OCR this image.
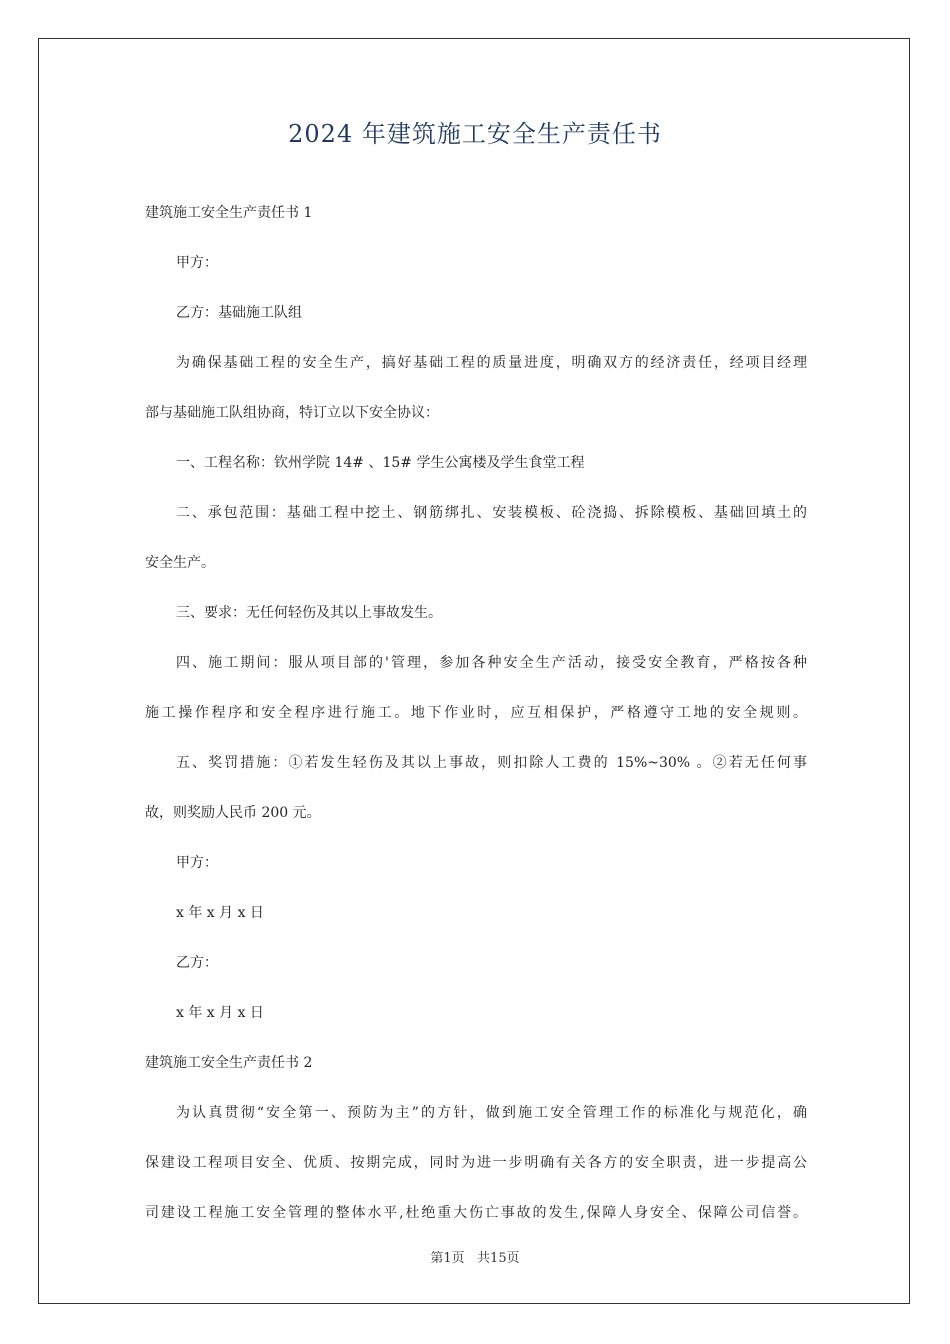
2024 年建筑施工安全生产责任书
建筑施工安全生产责任书 1
甲方：
乙方：基础施工队组
为确保基础工程的安全生产，搞好基础工程的质量进度，明确双方的经济责任，经项目经理
部与基础施工队组协商，特订立以下安全协议：
一、工程名称：钦州学院 14# 、15# 学生公寓楼及学生食堂工程
二、承包范围：基础工程中挖土、钢筋绑扎、安装模板、砼浇捣、拆除模板、基础回填土的
安全生产。
三、要求：无任何轻伤及其以上事故发生。
四、施工期间：服从项目部的'管理，参加各种安全生产活动，接受安全教育，严格按各种
施工操作程序和安全程序进行施工。地下作业时，应互相保护，严格遵守工地的安全规则。
五、奖罚措施：①若发生轻伤及其以上事故，则扣除人工费的 15%~30% 。②若无任何事
故，则奖励人民币 200 元。
甲方：
x 年 x 月 x 日
乙方：
x 年 x 月 x 日
建筑施工安全生产责任书 2
为认真贯彻“安全第一、预防为主”的方针，做到施工安全管理工作的标准化与规范化，确
保建设工程项目安全、优质、按期完成，同时为进一步明确有关各方的安全职责，进一步提高公
司建设工程施工安全管理的整体水平,杜绝重大伤亡事故的发生,保障人身安全、保障公司信誉。
第1页   共15页
